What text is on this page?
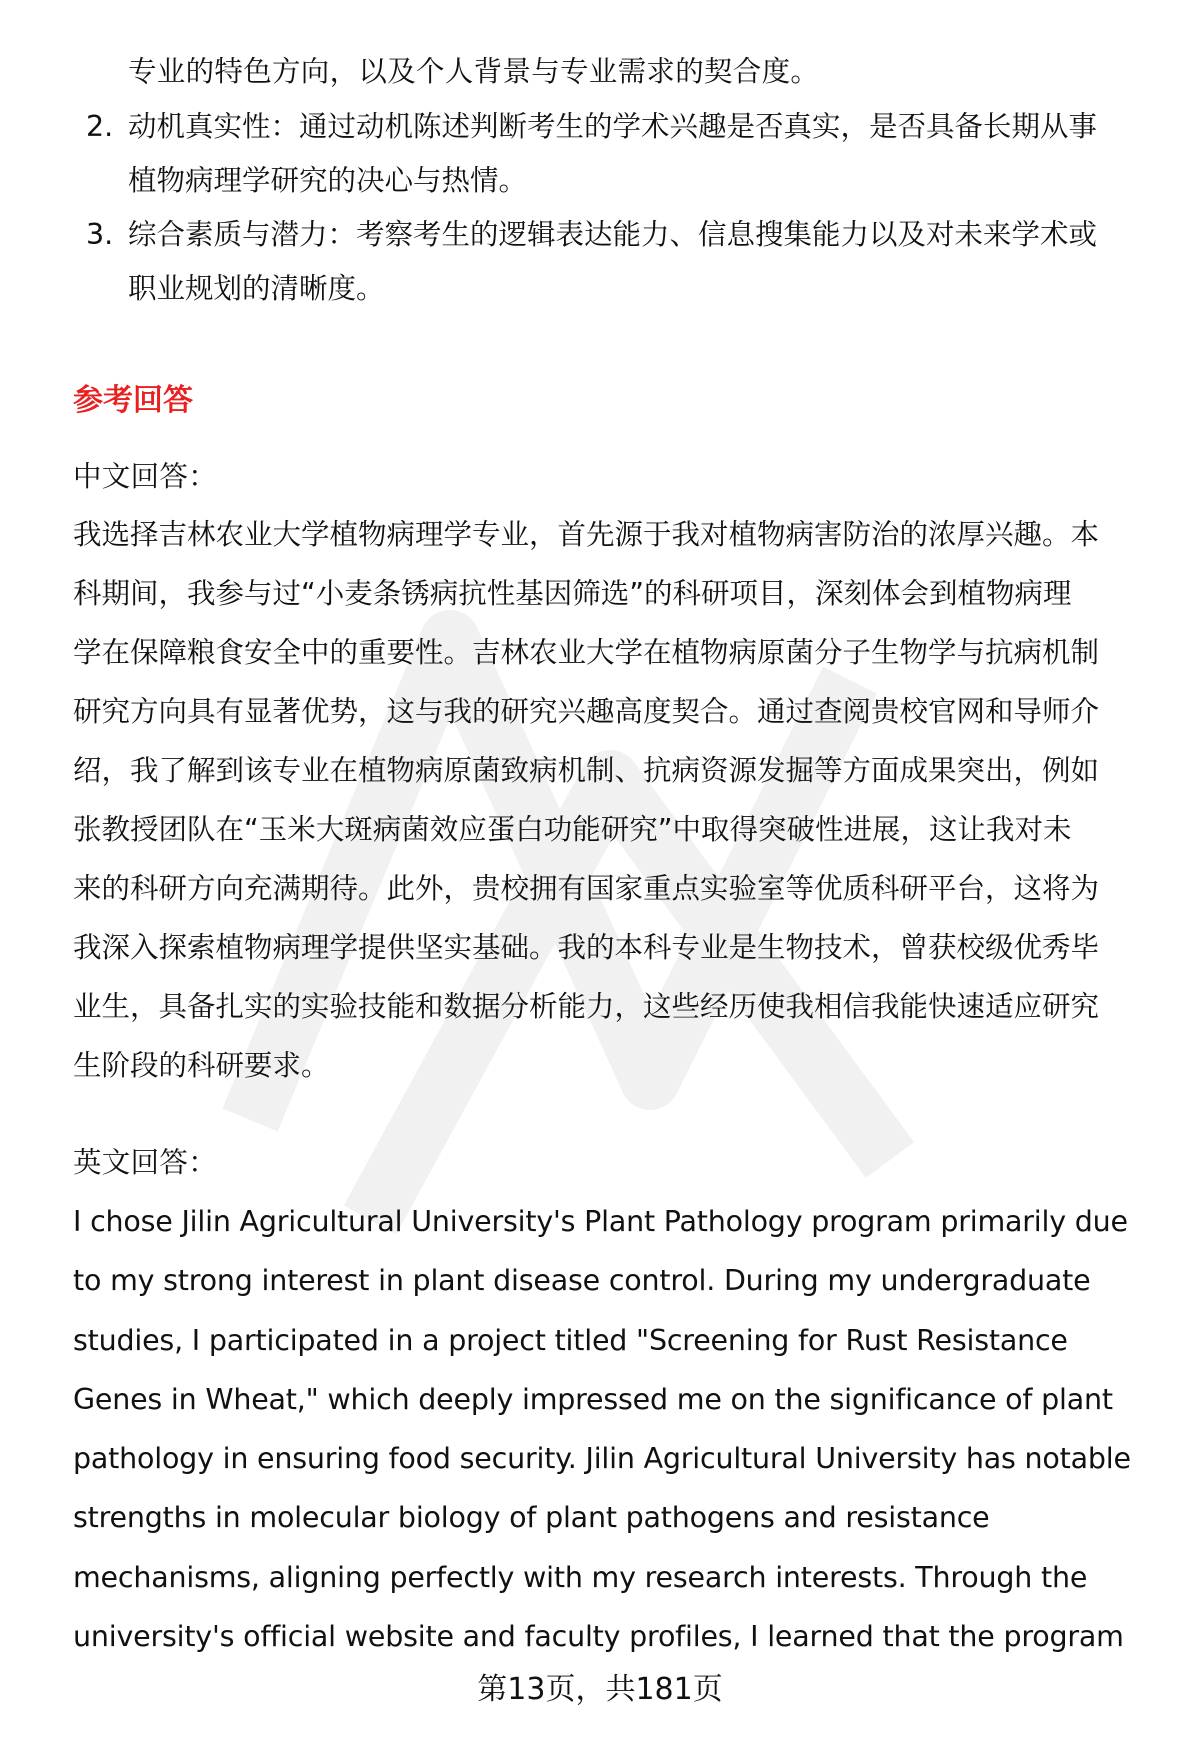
专业的特色方向，以及个人背景与专业需求的契合度。
2. 动机真实性：通过动机陈述判断考生的学术兴趣是否真实，是否具备长期从事
植物病理学研究的决心与热情。
3. 综合素质与潜力：考察考生的逻辑表达能力、信息搜集能力以及对未来学术或
职业规划的清晰度。
参考回答
中文回答：
我选择吉林农业大学植物病理学专业，首先源于我对植物病害防治的浓厚兴趣。本
科期间，我参与过“小麦条锈病抗性基因筛选”的科研项目，深刻体会到植物病理
学在保障粮食安全中的重要性。吉林农业大学在植物病原菌分子生物学与抗病机制
研究方向具有显著优势，这与我的研究兴趣高度契合。通过查阅贵校官网和导师介
绍，我了解到该专业在植物病原菌致病机制、抗病资源发掘等方面成果突出，例如
张教授团队在“玉米大斑病菌效应蛋白功能研究”中取得突破性进展，这让我对未
来的科研方向充满期待。此外，贵校拥有国家重点实验室等优质科研平台，这将为
我深入探索植物病理学提供坚实基础。我的本科专业是生物技术，曾获校级优秀毕
业生，具备扎实的实验技能和数据分析能力，这些经历使我相信我能快速适应研究
生阶段的科研要求。
英文回答：
I chose Jilin Agricultural University's Plant Pathology program primarily due
to my strong interest in plant disease control. During my undergraduate
studies, I participated in a project titled "Screening for Rust Resistance
Genes in Wheat," which deeply impressed me on the significance of plant
pathology in ensuring food security. Jilin Agricultural University has notable
strengths in molecular biology of plant pathogens and resistance
mechanisms, aligning perfectly with my research interests. Through the
university's official website and faculty profiles, I learned that the program
第13页，共181页
